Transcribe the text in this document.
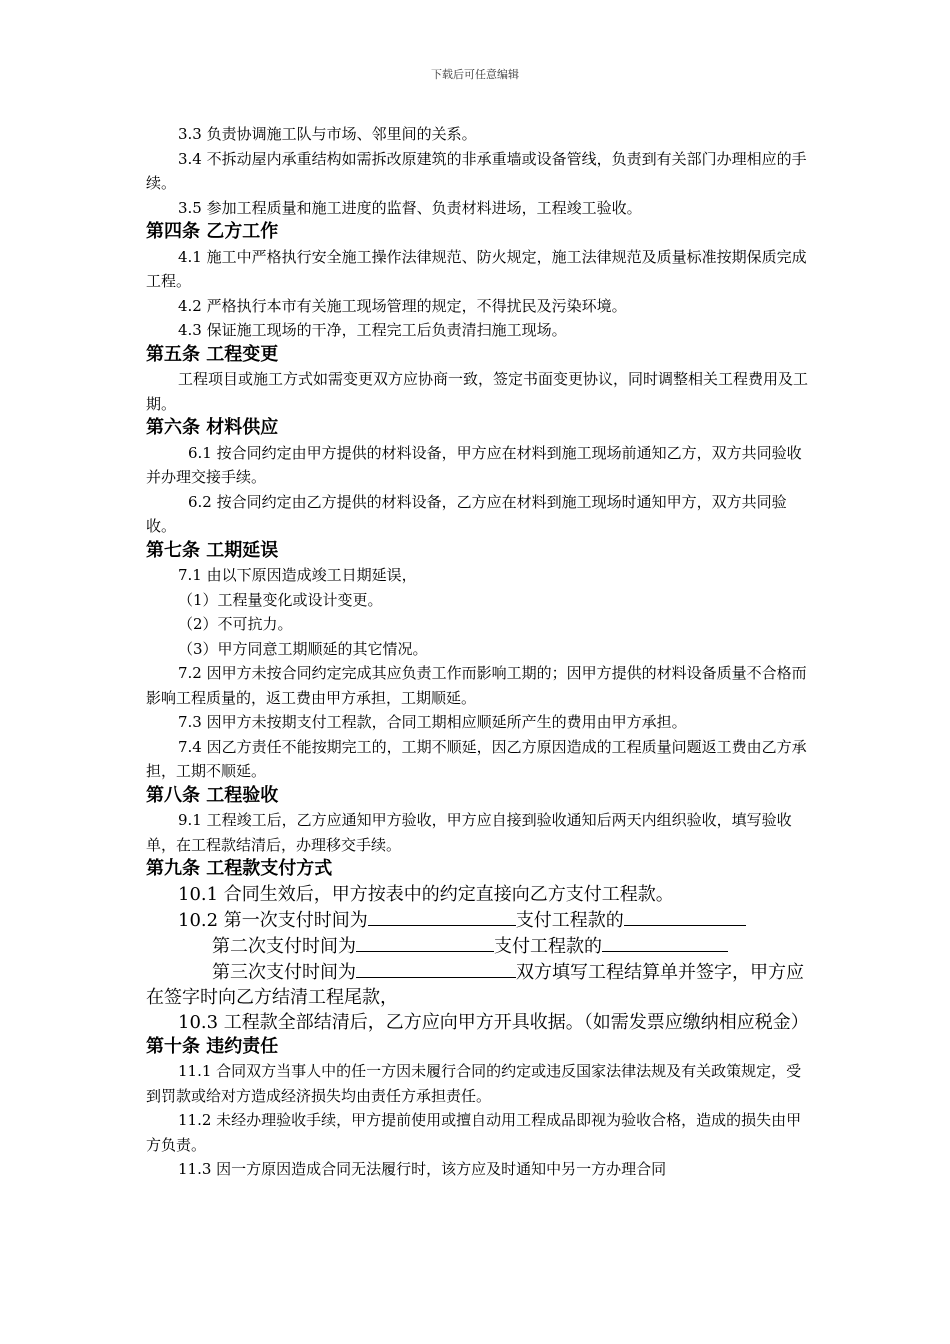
下载后可任意编辑

3.3 负责协调施工队与市场、邻里间的关系。

3.4 不拆动屋内承重结构如需拆改原建筑的非承重墙或设备管线，负责到有关部门办理相应的手续。

3.5 参加工程质量和施工进度的监督、负责材料进场，工程竣工验收。

第四条 乙方工作

4.1 施工中严格执行安全施工操作法律规范、防火规定，施工法律规范及质量标准按期保质完成工程。

4.2 严格执行本市有关施工现场管理的规定，不得扰民及污染环境。

4.3 保证施工现场的干净，工程完工后负责清扫施工现场。

第五条 工程变更

工程项目或施工方式如需变更双方应协商一致，签定书面变更协议，同时调整相关工程费用及工期。

第六条 材料供应

6.1 按合同约定由甲方提供的材料设备，甲方应在材料到施工现场前通知乙方，双方共同验收并办理交接手续。

6.2 按合同约定由乙方提供的材料设备，乙方应在材料到施工现场时通知甲方，双方共同验收。

第七条 工期延误

7.1 由以下原因造成竣工日期延误，

（1）工程量变化或设计变更。

（2）不可抗力。

（3）甲方同意工期顺延的其它情况。

7.2 因甲方未按合同约定完成其应负责工作而影响工期的；因甲方提供的材料设备质量不合格而影响工程质量的，返工费由甲方承担，工期顺延。

7.3 因甲方未按期支付工程款，合同工期相应顺延所产生的费用由甲方承担。

7.4 因乙方责任不能按期完工的，工期不顺延，因乙方原因造成的工程质量问题返工费由乙方承担，工期不顺延。

第八条 工程验收

9.1 工程竣工后，乙方应通知甲方验收，甲方应自接到验收通知后两天内组织验收，填写验收单，在工程款结清后，办理移交手续。

第九条 工程款支付方式

10.1 合同生效后，甲方按表中的约定直接向乙方支付工程款。

10.2 第一次支付时间为	支付工程款的

第二次支付时间为	支付工程款的

第三次支付时间为	双方填写工程结算单并签字，甲方应在签字时向乙方结清工程尾款，

10.3 工程款全部结清后，乙方应向甲方开具收据。（如需发票应缴纳相应税金）

第十条 违约责任

11.1 合同双方当事人中的任一方因未履行合同的约定或违反国家法律法规及有关政策规定，受到罚款或给对方造成经济损失均由责任方承担责任。

11.2 未经办理验收手续，甲方提前使用或擅自动用工程成品即视为验收合格，造成的损失由甲方负责。

11.3 因一方原因造成合同无法履行时，该方应及时通知中另一方办理合同
